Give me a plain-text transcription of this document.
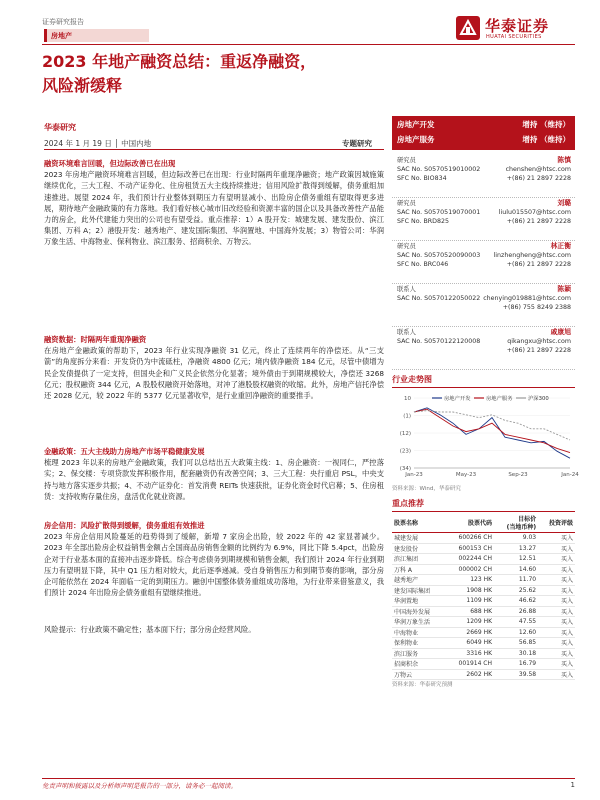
证券研究报告
房地产
华泰证券
HUATAI SECURITIES
2023 年地产融资总结：重返净融资，
风险渐缓释
华泰研究
2024 年 1 月 19 日 │ 中国内地	专题研究
融资环境难言回暖，但边际改善已在出现
2023 年房地产融资环境难言回暖，但边际改善已在出现：行业时隔两年重现净融资；地产政策因城施策继续优化，三大工程、不动产证券化、住房租赁五大主线持续推进；信用风险扩散得到缓解，债务重组加速推进。展望 2024 年，我们预计行业整体到期压力有望明显减小、出险房企债务重组有望取得更多进展，期待地产金融政策的有力落地。我们看好核心城市旧改经验和资源丰富的国企以及具备改善性产品能力的房企，此外代建能力突出的公司也有望受益。重点推荐：1）A 股开发：城建发展、建发股份、滨江集团、万科 A；2）港股开发：越秀地产、建发国际集团、华润置地、中国海外发展；3）物管公司：华润万象生活、中海物业、保利物业、滨江服务、招商积余、万物云。
融资数据：时隔两年重现净融资
在房地产金融政策的帮助下，2023 年行业实现净融资 31 亿元，终止了连续两年的净偿还。从“三支箭”的角度拆分来看：开发贷仍为中流砥柱，净融资 4800 亿元；境内债净融资 184 亿元，尽管中债增为民企发债提供了一定支持，但国央企和广义民企依然分化显著；境外债由于到期规模较大，净偿还 3268 亿元；股权融资 344 亿元，A 股股权融资开始落地，对冲了港股股权融资的收缩。此外，房地产信托净偿还 2028 亿元，较 2022 年的 5377 亿元显著收窄，是行业重回净融资的重要推手。
金融政策：五大主线助力房地产市场平稳健康发展
梳理 2023 年以来的房地产金融政策，我们可以总结出五大政策主线：1、房企融资：一视同仁，严控落实；2、保交楼：专项贷款发挥积极作用，配套融资仍有改善空间；3、三大工程：央行重启 PSL，中央支持与地方落实逐步共振；4、不动产证券化：首发消费 REITs 快速获批，证券化资金时代启幕；5、住房租赁：支持收购存量住房，盘活优化就业资源。
房企信用：风险扩散得到缓解，债务重组有效推进
2023 年房企信用风险蔓延的趋势得到了缓解，新增 7 家房企出险，较 2022 年的 42 家显著减少。2023 年全部出险房企权益销售金额占全国商品房销售金额的比例约为 6.9%，同比下降 5.4pct，出险房企对于行业基本面的直接冲击逐步降低。综合考虑债务到期规模和销售金额，我们预计 2024 年行业到期压力有望明显下降，其中 Q1 压力相对较大，此后逐季递减。受自身销售压力和到期节奏的影响，部分房企可能依然在 2024 年面临一定的到期压力。融创中国整体债务重组成功落地，为行业带来借鉴意义，我们预计 2024 年出险房企债务重组有望继续推进。
风险提示：行业政策不确定性；基本面下行；部分房企经营风险。
房地产开发	增持 （维持）
房地产服务	增持 （维持）
研究员	陈慎
SAC No. S0570519010002
SFC No. BIO834
chenshen@htsc.com
+(86) 21 2897 2228
研究员	刘璐
SAC No. S0570519070001
SFC No. BRD825
liulu015507@htsc.com
+(86) 21 2897 2228
研究员	林正衡
SAC No. S0570520090003
SFC No. BRC046
linzhengheng@htsc.com
+(86) 21 2897 2228
联系人	陈颖
SAC No. S0570122050022 chenying019881@htsc.com
+(86) 755 8249 2388
联系人	戚康旭
SAC No. S0570122120008	qikangxu@htsc.com
+(86) 21 2897 2228
行业走势图
10
(1)
(12)
(23)
(34)
Jan-23	May-23	Sep-23	Jan-24
房地产开发	房地产服务	沪深300
资料来源：Wind，华泰研究
重点推荐
股票名称	股票代码	目标价
(当地币种)	投资评级
城建发展	600266 CH	9.03	买入
建发股份	600153 CH	13.27	买入
滨江集团	002244 CH	12.51	买入
万科 A	000002 CH	14.60	买入
越秀地产	123 HK	11.70	买入
建发国际集团	1908 HK	25.62	买入
华润置地	1109 HK	46.62	买入
中国海外发展	688 HK	26.88	买入
华润万象生活	1209 HK	47.55	买入
中海物业	2669 HK	12.60	买入
保利物业	6049 HK	56.85	买入
滨江服务	3316 HK	30.18	买入
招商积余	001914 CH	16.79	买入
万物云	2602 HK	39.58	买入
资料来源：华泰研究预测
免责声明和披露以及分析师声明是报告的一部分，请务必一起阅读。	1
